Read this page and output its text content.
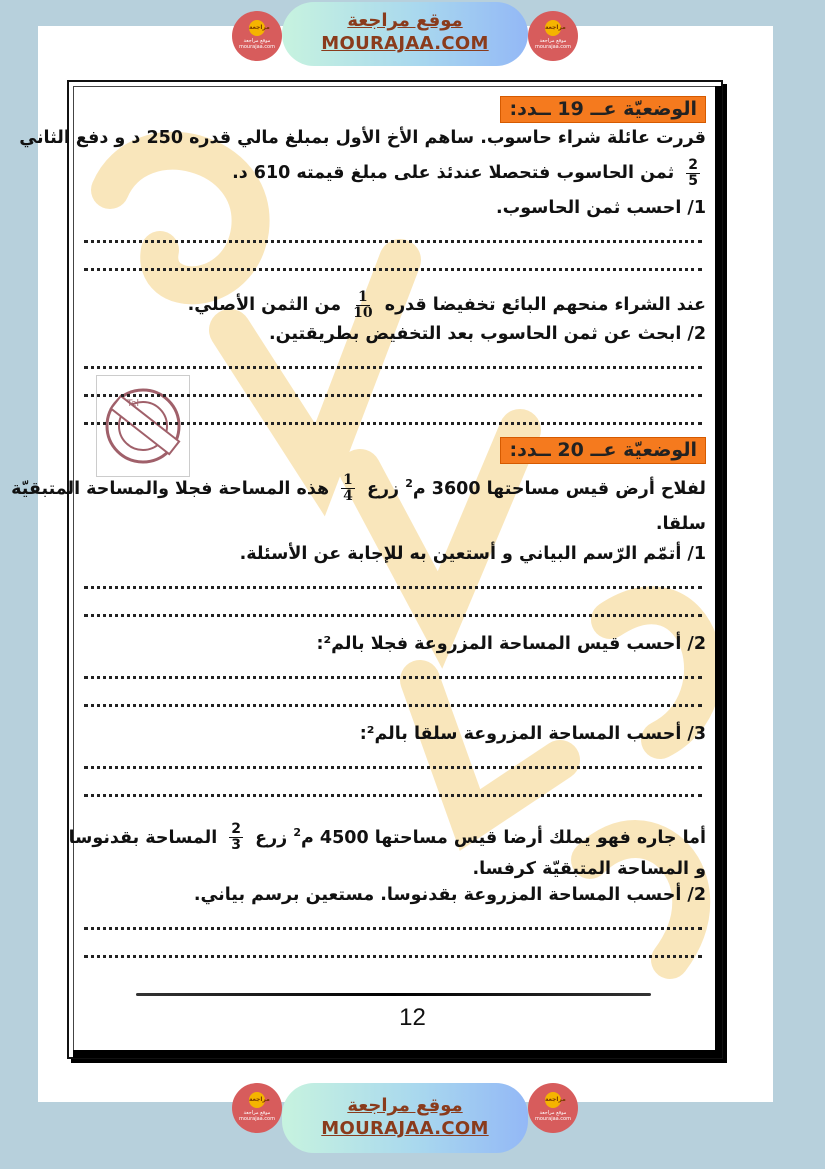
مراجعة
موقع مراجعة mourajaa.com
موقع مراجعة
MOURAJAA.COM
مراجعة
موقع مراجعة mourajaa.com
Tel
الوضعيّة عــ 19 ــدد:
قررت عائلة شراء حاسوب. ساهم الأخ الأول بمبلغ مالي قدره 250 د و دفع الثاني
$\frac{2}{5}$
ثمن الحاسوب فتحصلا عندئذ على مبلغ قيمته 610 د.
1/ احسب ثمن الحاسوب.
عند الشراء منحهم البائع تخفيضا قدره
$\frac{1}{10}$
من الثمن الأصلي.
2/ ابحث عن ثمن الحاسوب بعد التخفيض بطريقتين.
الوضعيّة عــ 20 ــدد:
لفلاح أرض قيس مساحتها 3600 م$^2$ زرع
$\frac{1}{4}$
هذه المساحة فجلا والمساحة المتبقيّة
سلقا.
1/ أتمّم الرّسم البياني و أستعين به للإجابة عن الأسئلة.
2/ أحسب قيس المساحة المزروعة فجلا بالم²:
3/ أحسب المساحة المزروعة سلقا بالم²:
أما جاره فهو يملك أرضا قيس مساحتها 4500 م$^2$ زرع
$\frac{2}{3}$
المساحة بقدنوسا
و المساحة المتبقيّة كرفسا.
2/ أحسب المساحة المزروعة بقدنوسا. مستعين برسم بياني.
12
مراجعة
موقع مراجعة mourajaa.com
موقع مراجعة
MOURAJAA.COM
مراجعة
موقع مراجعة mourajaa.com
